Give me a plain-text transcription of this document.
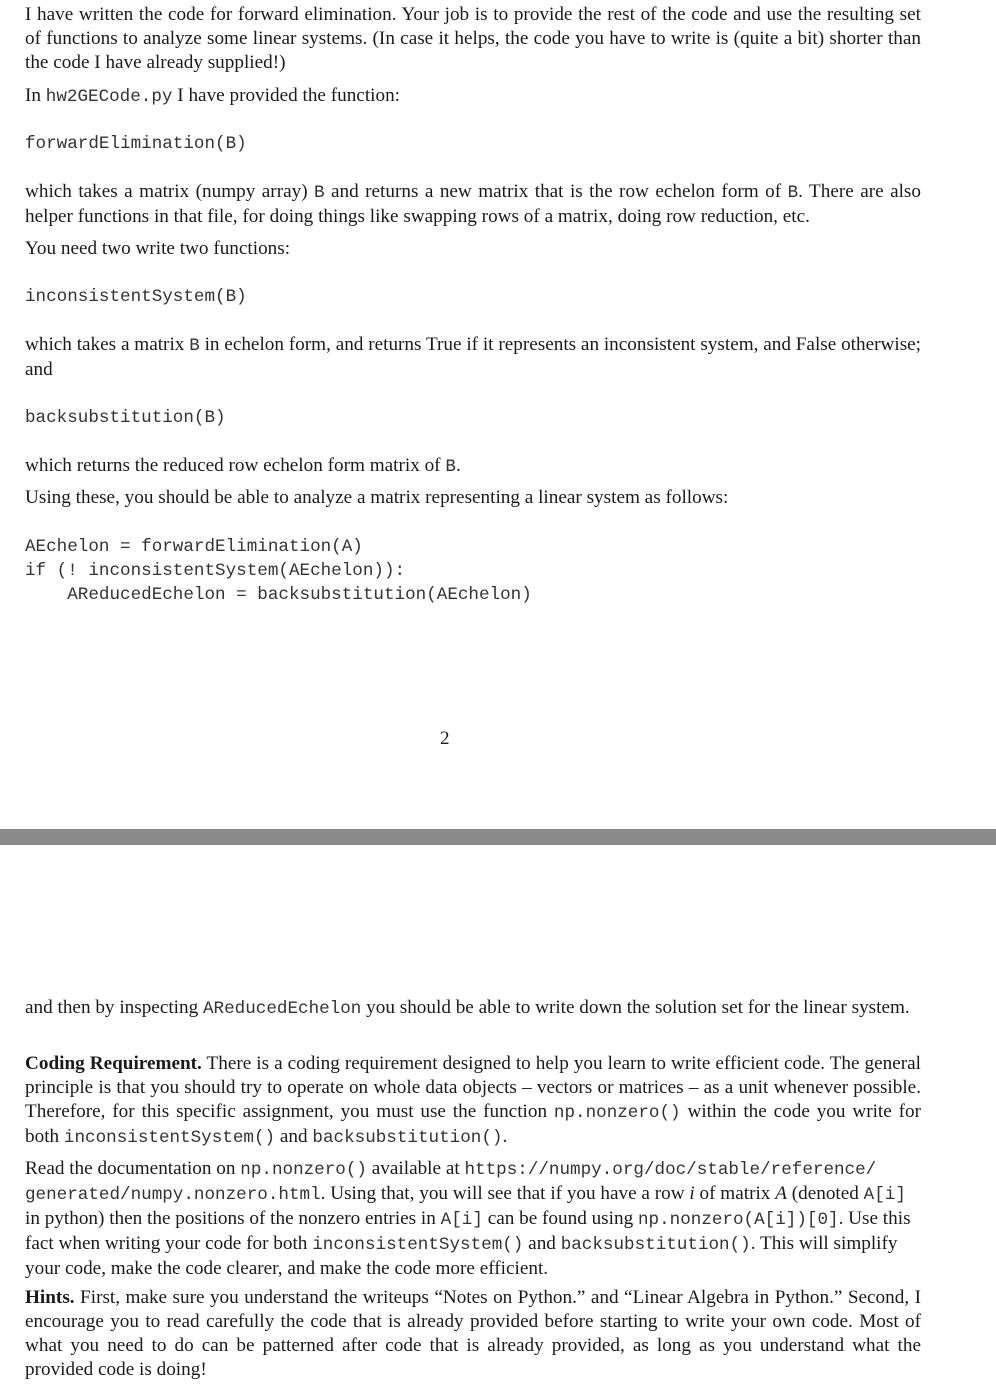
I have written the code for forward elimination. Your job is to provide the rest of the code and use the resulting set of functions to analyze some linear systems. (In case it helps, the code you have to write is (quite a bit) shorter than the code I have already supplied!)

In hw2GECode.py I have provided the function:

forwardElimination(B)

which takes a matrix (numpy array) B and returns a new matrix that is the row echelon form of B. There are also helper functions in that file, for doing things like swapping rows of a matrix, doing row reduction, etc.

You need two write two functions:

inconsistentSystem(B)

which takes a matrix B in echelon form, and returns True if it represents an inconsistent system, and False otherwise; and

backsubstitution(B)

which returns the reduced row echelon form matrix of B.

Using these, you should be able to analyze a matrix representing a linear system as follows:

AEchelon = forwardElimination(A)
if (! inconsistentSystem(AEchelon)):
AReducedEchelon = backsubstitution(AEchelon)
2

and then by inspecting AReducedEchelon you should be able to write down the solution set for the linear system.

Coding Requirement. There is a coding requirement designed to help you learn to write efficient code. The general principle is that you should try to operate on whole data objects – vectors or matrices – as a unit whenever possible. Therefore, for this specific assignment, you must use the function np.nonzero() within the code you write for both inconsistentSystem() and backsubstitution().

Read the documentation on np.nonzero() available at https://numpy.org/doc/stable/reference/ generated/numpy.nonzero.html. Using that, you will see that if you have a row i of matrix A (denoted A[i] in python) then the positions of the nonzero entries in A[i] can be found using np.nonzero(A[i])[0]. Use this fact when writing your code for both inconsistentSystem() and backsubstitution(). This will simplify your code, make the code clearer, and make the code more efficient.

Hints. First, make sure you understand the writeups “Notes on Python.” and “Linear Algebra in Python.” Second, I encourage you to read carefully the code that is already provided before starting to write your own code. Most of what you need to do can be patterned after code that is already provided, as long as you understand what the provided code is doing!
